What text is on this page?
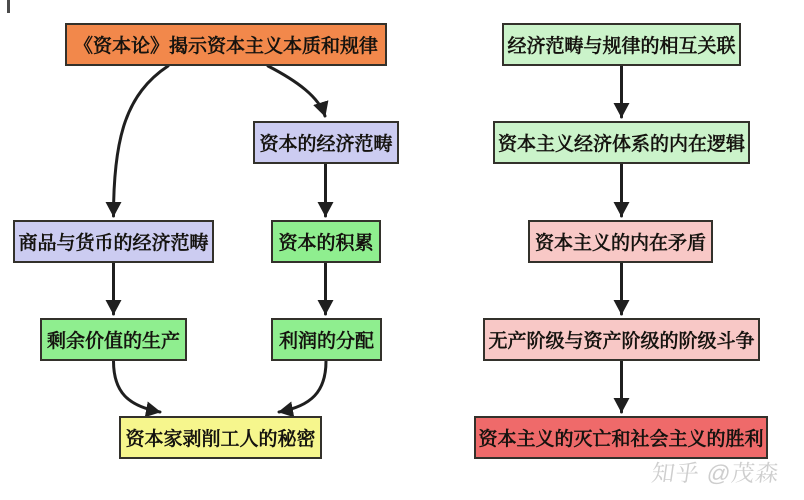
《资本论》揭示资本主义本质和规律
资本的经济范畴
商品与货币的经济范畴	资本的积累
剩余价值的生产	利润的分配
资本家剥削工人的秘密
经济范畴与规律的相互关联
资本主义经济体系的内在逻辑
资本主义的内在矛盾
无产阶级与资产阶级的阶级斗争
资本主义的灭亡和社会主义的胜利
知乎 @茂森
